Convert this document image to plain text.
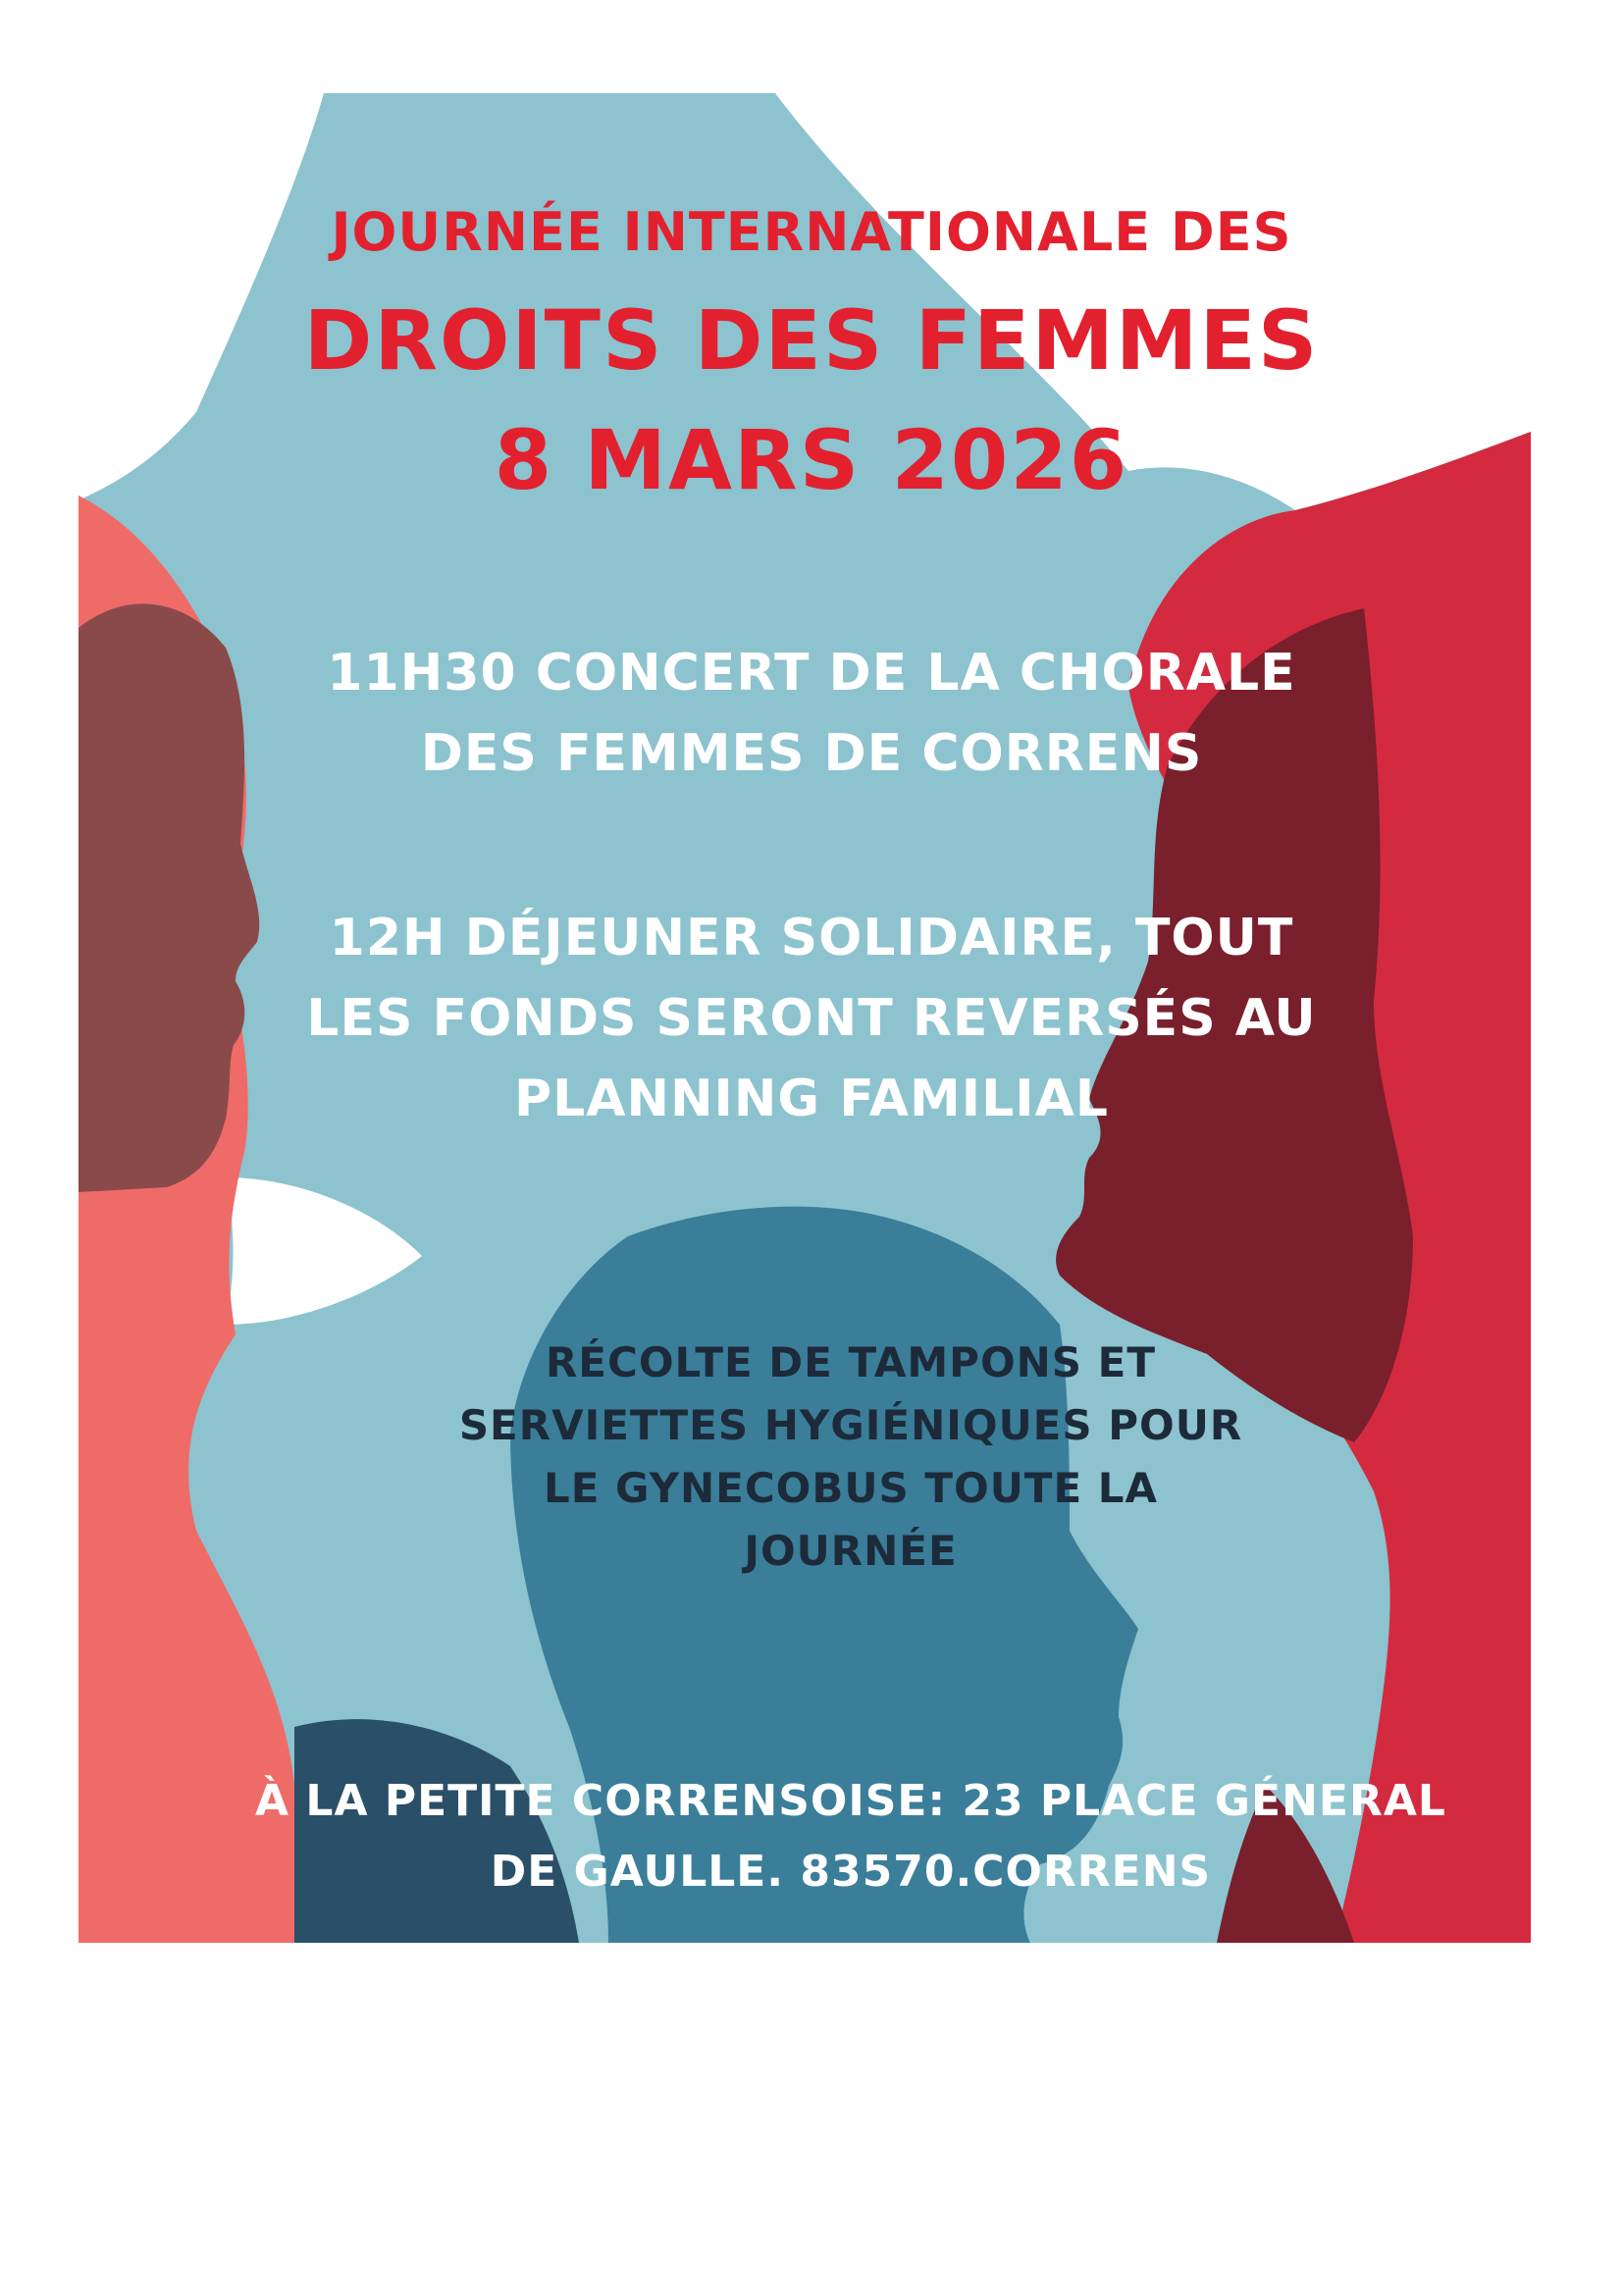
JOURNÉE INTERNATIONALE DES
DROITS DES FEMMES
8 MARS 2026

11H30 CONCERT DE LA CHORALE
DES FEMMES DE CORRENS

12H DÉJEUNER SOLIDAIRE, TOUT
LES FONDS SERONT REVERSÉS AU
PLANNING FAMILIAL

RÉCOLTE DE TAMPONS ET
SERVIETTES HYGIÉNIQUES POUR
LE GYNECOBUS TOUTE LA
JOURNÉE

À LA PETITE CORRENSOISE: 23 PLACE GÉNERAL
DE GAULLE. 83570.CORRENS
